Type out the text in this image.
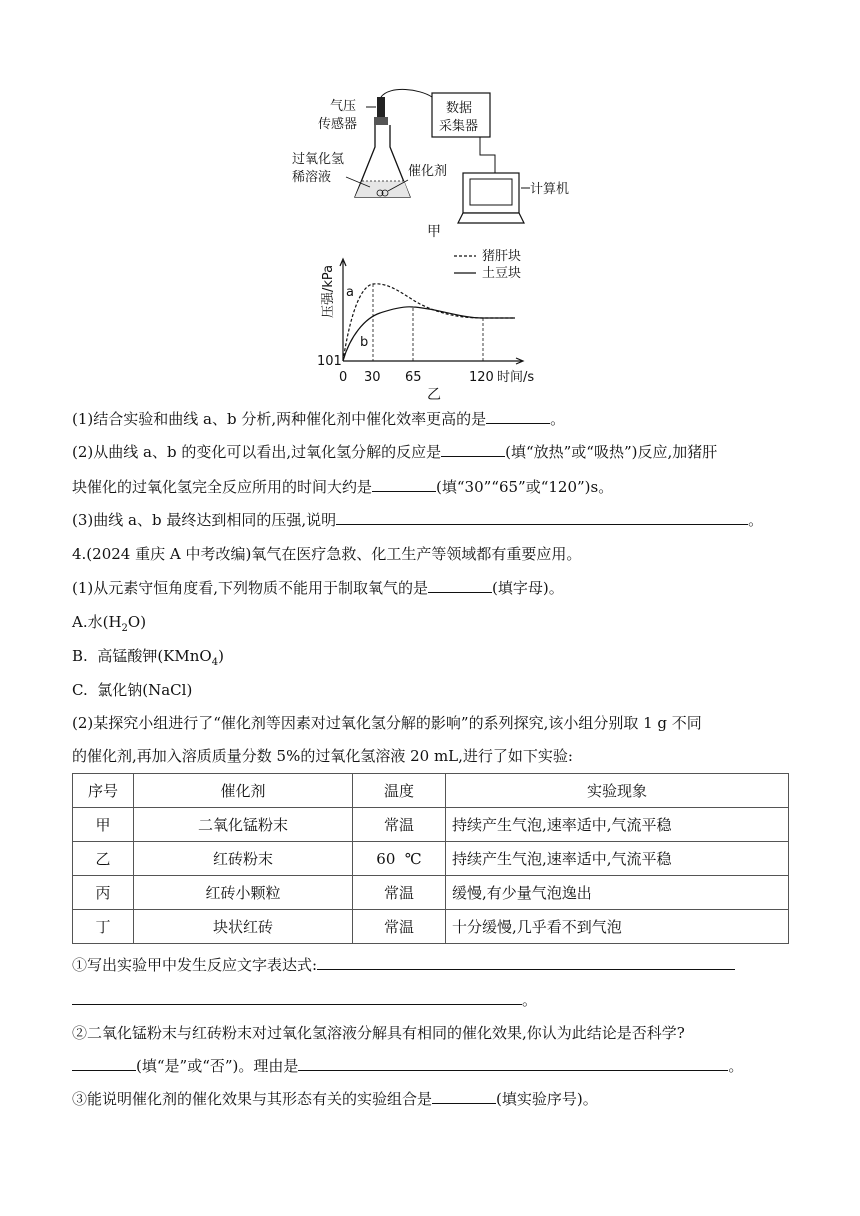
气压
传感器
数据
采集器
过氧化氢
稀溶液	催化剂
计算机
甲
猪肝块
土豆块
压强/kPa
时间/s
101
0 30 65	120
a
b
乙
(1)结合实验和曲线 a、b 分析,两种催化剂中催化效率更高的是	。
(2)从曲线 a、b 的变化可以看出,过氧化氢分解的反应是	(填“放热”或“吸热”)反应,加猪肝
块催化的过氧化氢完全反应所用的时间大约是	(填“30”“65”或“120”)s。
(3)曲线 a、b 最终达到相同的压强,说明	。
4.(2024 重庆 A 中考改编)氧气在医疗急救、化工生产等领域都有重要应用。
(1)从元素守恒角度看,下列物质不能用于制取氧气的是	(填字母)。
A.水$(H_2O)$
B.  高锰酸钾(KMnO$_4$)
C.  氯化钠(NaCl)
(2)某探究小组进行了“催化剂等因素对过氧化氢分解的影响”的系列探究,该小组分别取 1 g 不同
的催化剂,再加入溶质质量分数 5%的过氧化氢溶液 20 mL,进行了如下实验:
序号	催化剂	温度	实验现象
甲	二氧化锰粉末	常温	持续产生气泡,速率适中,气流平稳
乙	红砖粉末	60  ℃	持续产生气泡,速率适中,气流平稳
丙	红砖小颗粒	常温	缓慢,有少量气泡逸出
丁	块状红砖	常温	十分缓慢,几乎看不到气泡
①写出实验甲中发生反应文字表达式:
。
②二氧化锰粉末与红砖粉末对过氧化氢溶液分解具有相同的催化效果,你认为此结论是否科学?
(填“是”或“否”)。理由是	。
③能说明催化剂的催化效果与其形态有关的实验组合是	(填实验序号)。
